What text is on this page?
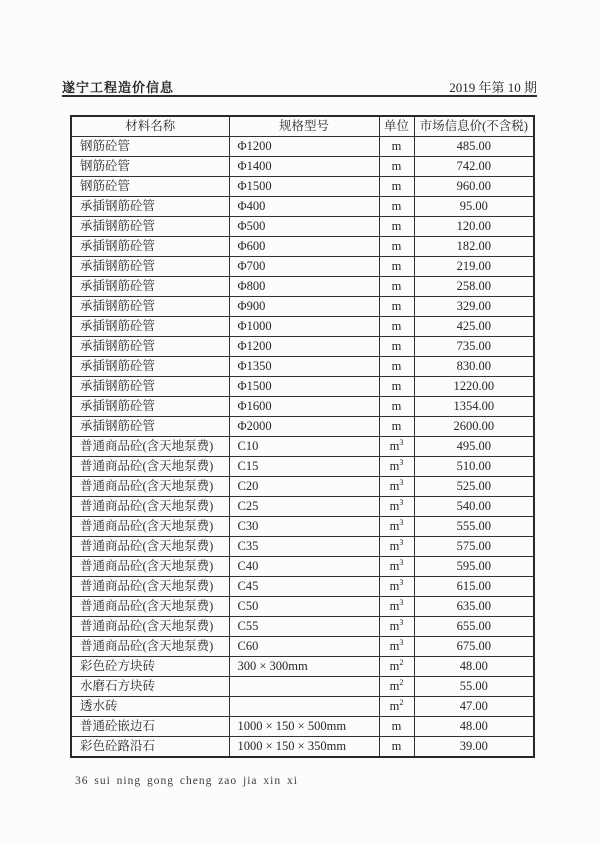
遂宁工程造价信息	2019 年第 10 期
材料名称	规格型号	单位	市场信息价(不含税)
钢筋砼管	Φ1200	m	485.00
钢筋砼管	Φ1400	m	742.00
钢筋砼管	Φ1500	m	960.00
承插钢筋砼管	Φ400	m	95.00
承插钢筋砼管	Φ500	m	120.00
承插钢筋砼管	Φ600	m	182.00
承插钢筋砼管	Φ700	m	219.00
承插钢筋砼管	Φ800	m	258.00
承插钢筋砼管	Φ900	m	329.00
承插钢筋砼管	Φ1000	m	425.00
承插钢筋砼管	Φ1200	m	735.00
承插钢筋砼管	Φ1350	m	830.00
承插钢筋砼管	Φ1500	m	1220.00
承插钢筋砼管	Φ1600	m	1354.00
承插钢筋砼管	Φ2000	m	2600.00
普通商品砼(含天地泵费)	C10	$m^3$	495.00
普通商品砼(含天地泵费)	C15	$m^3$	510.00
普通商品砼(含天地泵费)	C20	$m^3$	525.00
普通商品砼(含天地泵费)	C25	$m^3$	540.00
普通商品砼(含天地泵费)	C30	$m^3$	555.00
普通商品砼(含天地泵费)	C35	$m^3$	575.00
普通商品砼(含天地泵费)	C40	$m^3$	595.00
普通商品砼(含天地泵费)	C45	$m^3$	615.00
普通商品砼(含天地泵费)	C50	$m^3$	635.00
普通商品砼(含天地泵费)	C55	$m^3$	655.00
普通商品砼(含天地泵费)	C60	$m^3$	675.00
彩色砼方块砖	300 × 300mm	$m^2$	48.00
水磨石方块砖		$m^2$	55.00
透水砖		$m^2$	47.00
普通砼嵌边石	1000 × 150 × 500mm	m	48.00
彩色砼路沿石	1000 × 150 × 350mm	m	39.00
36 sui ning gong cheng zao jia xin xi
